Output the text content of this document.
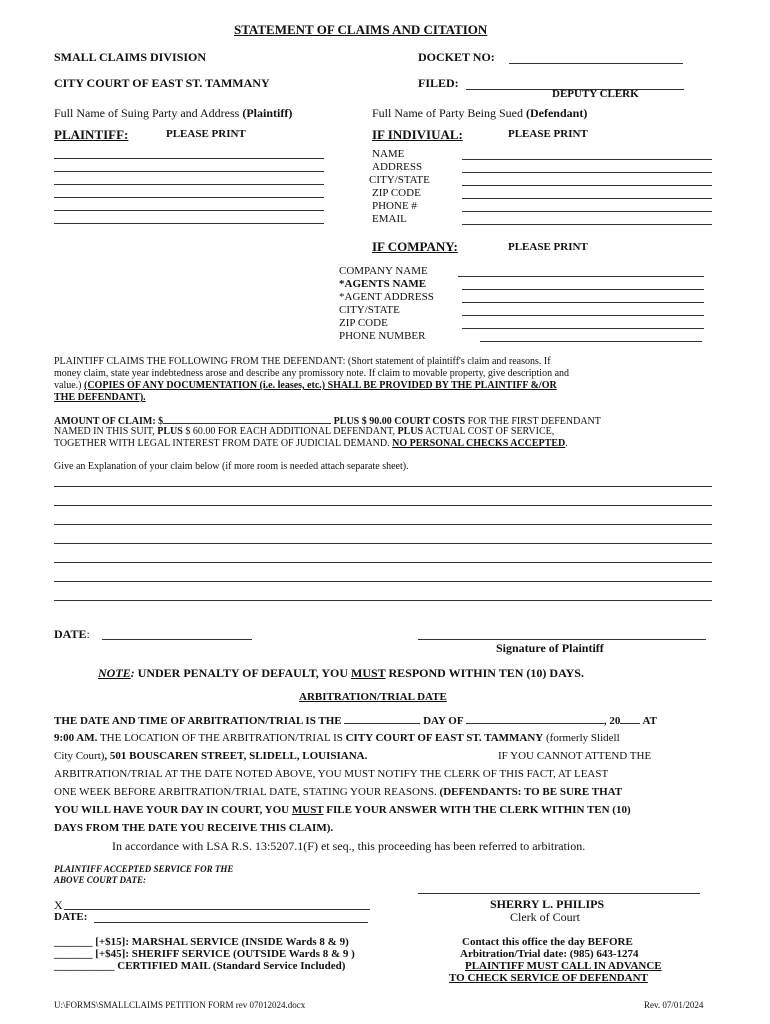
STATEMENT OF CLAIMS AND CITATION
SMALL CLAIMS DIVISION
CITY COURT OF EAST ST. TAMMANY
DOCKET NO:
FILED:
DEPUTY CLERK
Full Name of Suing Party and Address (Plaintiff)	Full Name of Party Being Sued (Defendant)
PLAINTIFF:	PLEASE PRINT	IF INDIVIUAL:	PLEASE PRINT
NAME
ADDRESS
CITY/STATE
ZIP CODE
PHONE #
EMAIL
IF COMPANY:	PLEASE PRINT
COMPANY NAME
*AGENTS NAME
*AGENT ADDRESS
CITY/STATE
ZIP CODE
PHONE NUMBER
PLAINTIFF CLAIMS THE FOLLOWING FROM THE DEFENDANT: (Short statement of plaintiff's claim and reasons. If
money claim, state year indebtedness arose and describe any promissory note. If claim to movable property, give description and
value.) (COPIES OF ANY DOCUMENTATION (i.e. leases, etc.) SHALL BE PROVIDED BY THE PLAINTIFF &/OR
THE DEFENDANT).
AMOUNT OF CLAIM: $	PLUS $ 90.00 COURT COSTS FOR THE FIRST DEFENDANT
NAMED IN THIS SUIT, PLUS $ 60.00 FOR EACH ADDITIONAL DEFENDANT, PLUS ACTUAL COST OF SERVICE,
TOGETHER WITH LEGAL INTEREST FROM DATE OF JUDICIAL DEMAND. NO PERSONAL CHECKS ACCEPTED.
Give an Explanation of your claim below (if more room is needed attach separate sheet).
DATE:
Signature of Plaintiff
NOTE: UNDER PENALTY OF DEFAULT, YOU MUST RESPOND WITHIN TEN (10) DAYS.
ARBITRATION/TRIAL DATE
THE DATE AND TIME OF ARBITRATION/TRIAL IS THE	DAY OF	, 20 AT
9:00 AM. THE LOCATION OF THE ARBITRATION/TRIAL IS CITY COURT OF EAST ST. TAMMANY (formerly Slidell
City Court), 501 BOUSCAREN STREET, SLIDELL, LOUISIANA.	IF YOU CANNOT ATTEND THE
ARBITRATION/TRIAL AT THE DATE NOTED ABOVE, YOU MUST NOTIFY THE CLERK OF THIS FACT, AT LEAST
ONE WEEK BEFORE ARBITRATION/TRIAL DATE, STATING YOUR REASONS. (DEFENDANTS: TO BE SURE THAT
YOU WILL HAVE YOUR DAY IN COURT, YOU MUST FILE YOUR ANSWER WITH THE CLERK WITHIN TEN (10)
DAYS FROM THE DATE YOU RECEIVE THIS CLAIM).
In accordance with LSA R.S. 13:5207.1(F) et seq., this proceeding has been referred to arbitration.
PLAINTIFF ACCEPTED SERVICE FOR THE
ABOVE COURT DATE:
X
DATE:
SHERRY L. PHILIPS
Clerk of Court
_______ [+$15]: MARSHAL SERVICE (INSIDE Wards 8 & 9)
_______ [+$45]: SHERIFF SERVICE (OUTSIDE Wards 8 & 9 )
___________ CERTIFIED MAIL (Standard Service Included)
Contact this office the day BEFORE
Arbitration/Trial date: (985) 643-1274
PLAINTIFF MUST CALL IN ADVANCE
TO CHECK SERVICE OF DEFENDANT
U:\FORMS\SMALLCLAIMS PETITION FORM rev 07012024.docx	Rev. 07/01/2024
